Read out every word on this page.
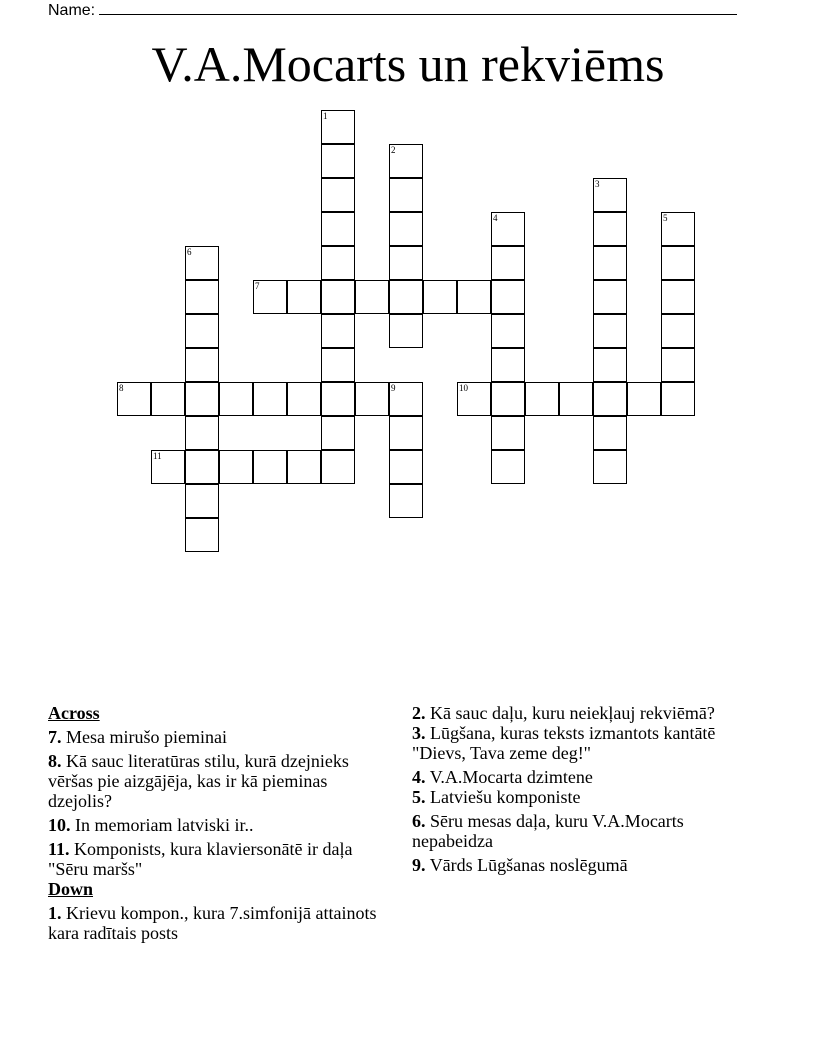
Name:
V.A.Mocarts un rekviēms
1
2
3
4	5
6
7
8	9	10
11
Across
7. Mesa mirušo pieminai
8. Kā sauc literatūras stilu, kurā dzejnieks vēršas pie aizgājēja, kas ir kā pieminas dzejolis?
10. In memoriam latviski ir..
11. Komponists, kura klaviersonātē ir daļa "Sēru maršs"
Down
1. Krievu kompon., kura 7.simfonijā attainots kara radītais posts
2. Kā sauc daļu, kuru neiekļauj rekviēmā?
3. Lūgšana, kuras teksts izmantots kantātē "Dievs, Tava zeme deg!"
4. V.A.Mocarta dzimtene
5. Latviešu komponiste
6. Sēru mesas daļa, kuru V.A.Mocarts nepabeidza
9. Vārds Lūgšanas noslēgumā
